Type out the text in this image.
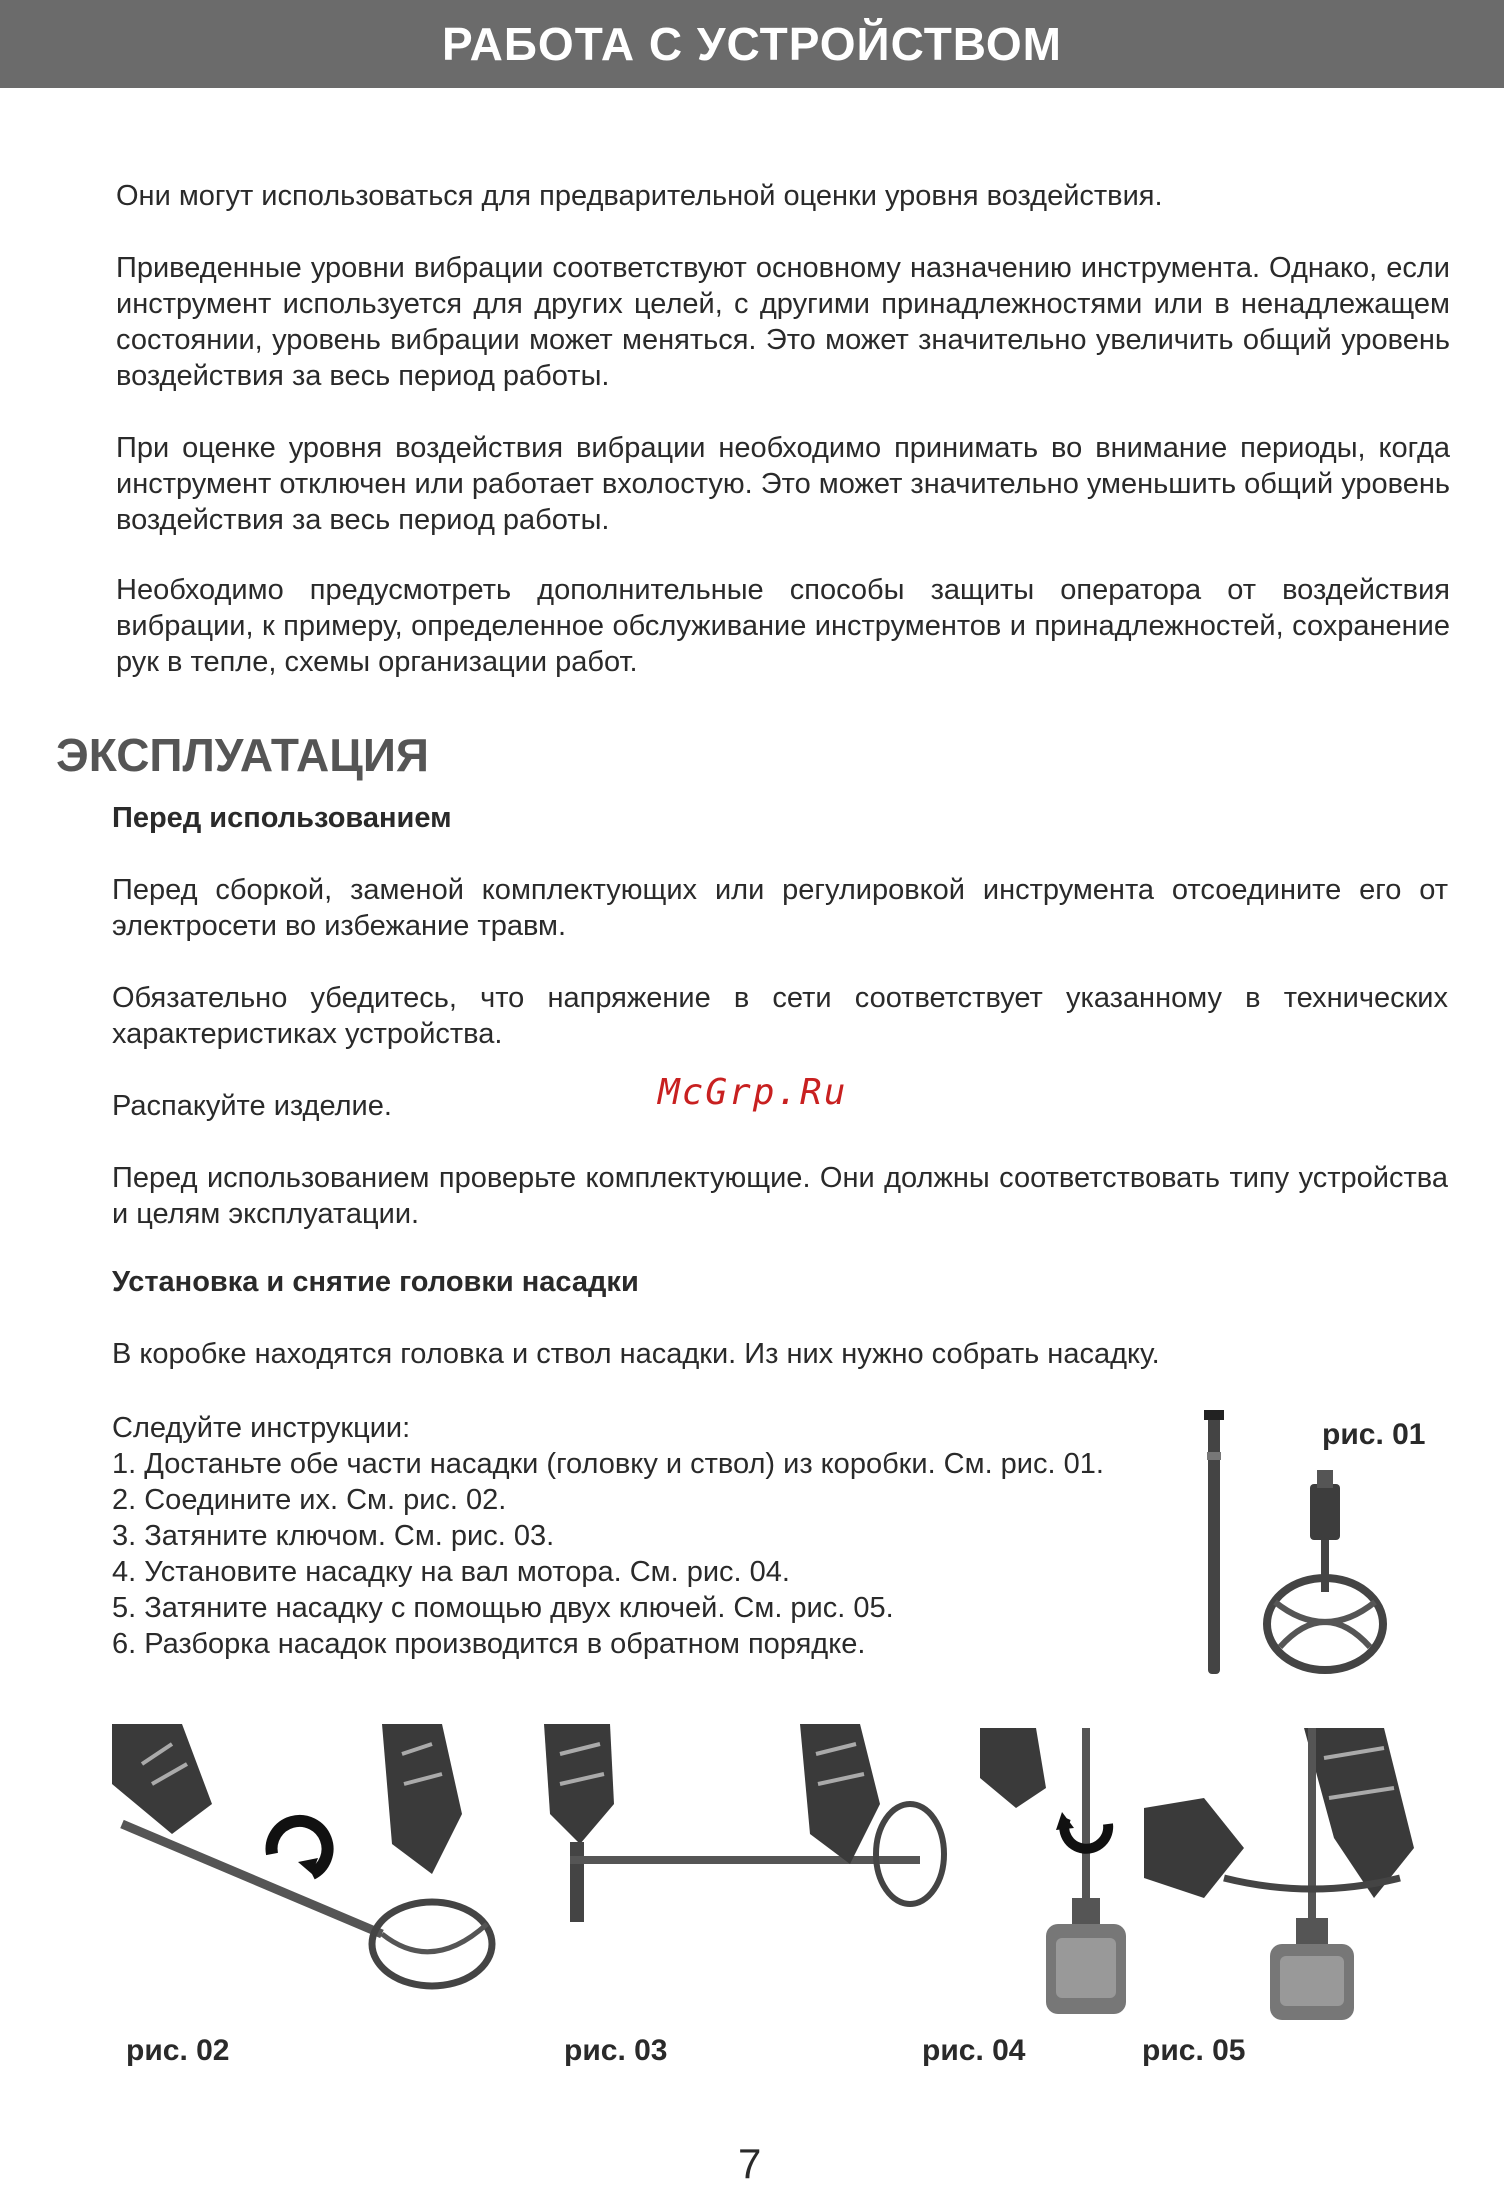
РАБОТА С УСТРОЙСТВОМ

Они могут использоваться для предварительной оценки уровня воздействия.

Приведенные уровни вибрации соответствуют основному назначению инструмента. Однако, если инструмент используется для других целей, с другими принадлежностями или в ненадлежащем состоянии, уровень вибрации может меняться. Это может значительно увеличить общий уровень воздействия за весь период работы.

При оценке уровня воздействия вибрации необходимо принимать во внимание периоды, когда инструмент отключен или работает вхолостую. Это может значительно уменьшить общий уровень воздействия за весь период работы.

Необходимо предусмотреть дополнительные способы защиты оператора от воздействия вибрации, к примеру, определенное обслуживание инструментов и принадлежностей, сохранение рук в тепле, схемы организации работ.

ЭКСПЛУАТАЦИЯ
Перед использованием

Перед сборкой, заменой комплектующих или регулировкой инструмента отсоедините его от электросети во избежание травм.

Обязательно убедитесь, что напряжение в сети соответствует указанному в технических характеристиках устройства.

Распакуйте изделие.

Перед использованием проверьте комплектующие. Они должны соответствовать типу устройства и целям эксплуатации.

McGrp.Ru
Установка и снятие головки насадки

В коробке находятся головка и ствол насадки. Из них нужно собрать насадку.

Следуйте инструкции:
1. Достаньте обе части насадки (головку и ствол) из коробки. См. рис. 01.
2. Соедините их. См. рис. 02.
3. Затяните ключом. См. рис. 03.
4. Установите насадку на вал мотора. См. рис. 04.
5. Затяните насадку с помощью двух ключей. См. рис. 05.
6. Разборка насадок производится в обратном порядке.
рис. 01
рис. 02	рис. 03	рис. 04	рис. 05
7
